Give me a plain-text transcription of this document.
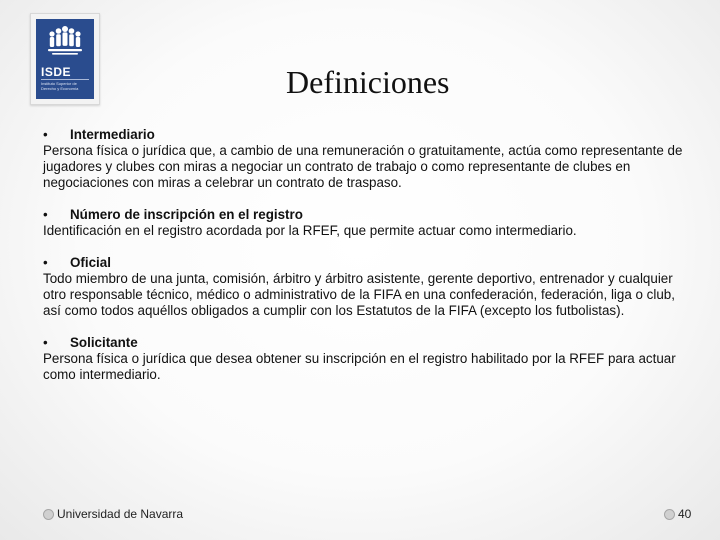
ISDE
Instituto Superior de Derecho y Economía	Definiciones
•	Intermediario

Persona física o jurídica que, a cambio de una remuneración o gratuitamente, actúa como representante de jugadores y clubes con miras a negociar un contrato de trabajo o como representante de clubes en negociaciones con miras a celebrar un contrato de traspaso.

•	Número de inscripción en el registro

Identificación en el registro acordada por la RFEF, que permite actuar como intermediario.

•	Oficial

Todo miembro de una junta, comisión, árbitro y árbitro asistente, gerente deportivo, entrenador y cualquier otro responsable técnico, médico o administrativo de la FIFA en una confederación, federación, liga o club, así como todos aquéllos obligados a cumplir con los Estatutos de la FIFA (excepto los futbolistas).

•	Solicitante

Persona física o jurídica que desea obtener su inscripción en el registro habilitado por la RFEF para actuar como intermediario.

Universidad de Navarra	40
